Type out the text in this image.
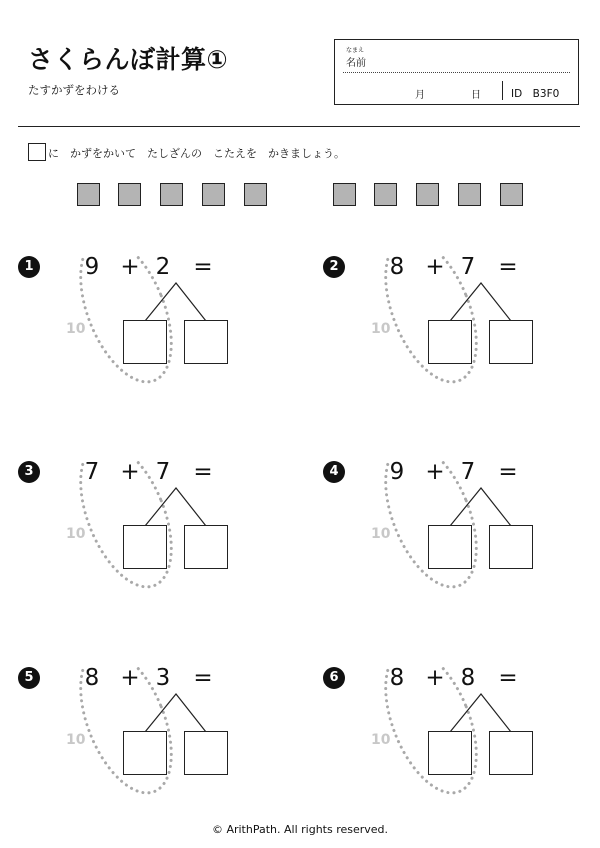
さくらんぼ計算①
たすかずをわける
なまえ
名前
月	日	ID　B3F0
に　かずをかいて　たしざんの　こたえを　かきましょう。
1	9 + 2	=
10
2	8 + 7	=
10
3	7 + 7	=
10
4	9 + 7	=
10
5	8 + 3	=
10
6	8 + 8	=
10
© ArithPath. All rights reserved.
